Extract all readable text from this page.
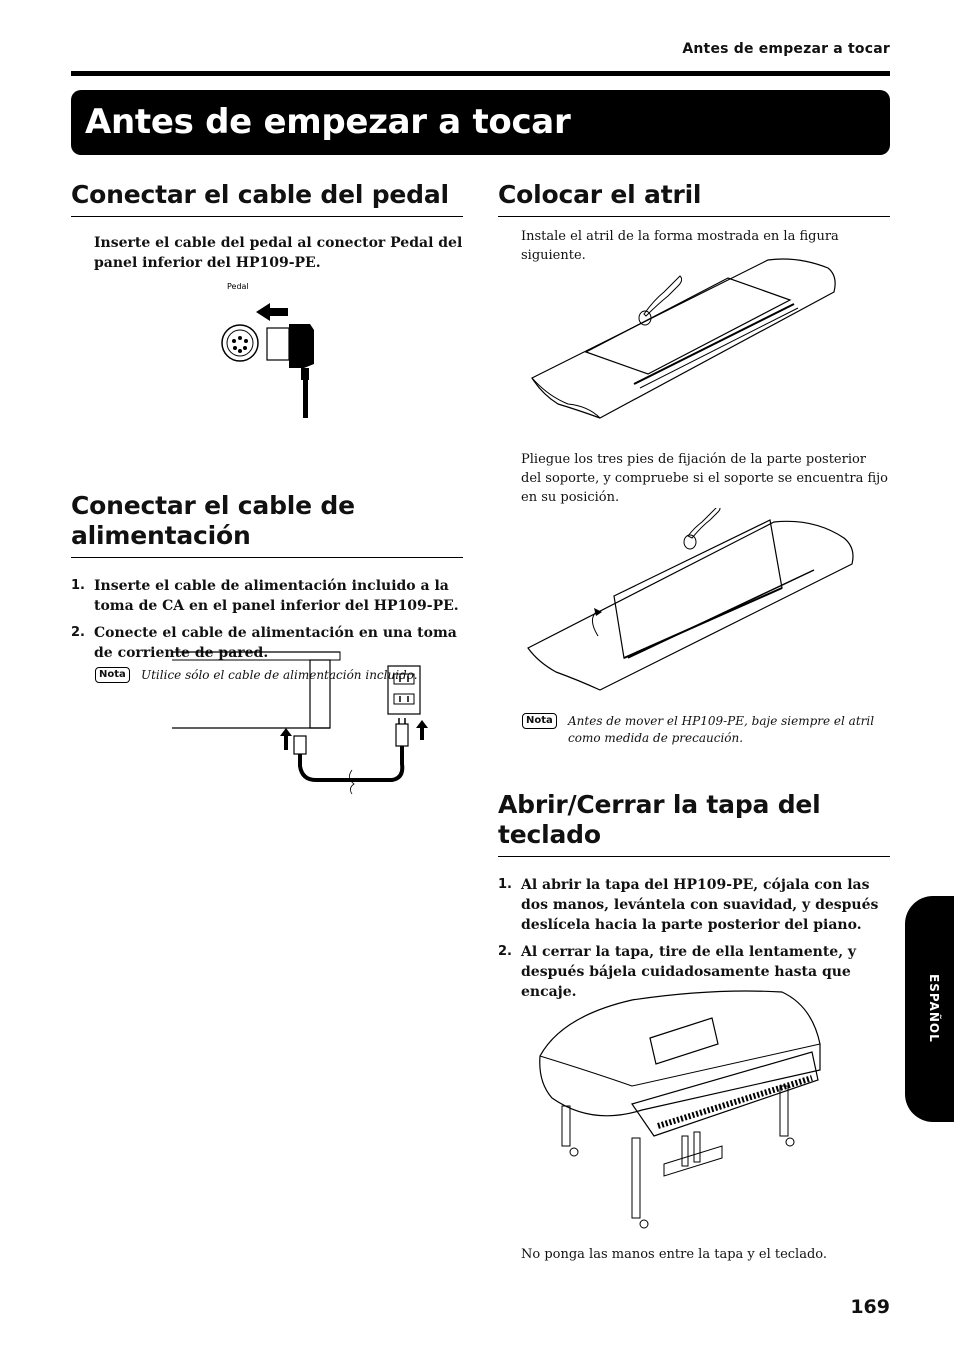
Antes de empezar a tocar
Antes de empezar a tocar
Conectar el cable del pedal

Inserte el cable del pedal al conector Pedal del panel inferior del HP109-PE.

Conectar el cable de alimentación

1. Inserte el cable de alimentación incluido a la toma de CA en el panel inferior del HP109-PE.

2. Conecte el cable de alimentación en una toma de corriente de pared.

Nota	Utilice sólo el cable de alimentación incluido.
Pedal
Colocar el atril

Instale el atril de la forma mostrada en la figura siguiente.

Pliegue los tres pies de fijación de la parte posterior del soporte, y compruebe si el soporte se encuentra fijo en su posición.

Nota	Antes de mover el HP109-PE, baje siempre el atril como medida de precaución.
Abrir/Cerrar la tapa del teclado

1. Al abrir la tapa del HP109-PE, cójala con las dos manos, levántela con suavidad, y después deslícela hacia la parte posterior del piano.

2. Al cerrar la tapa, tire de ella lentamente, y después bájela cuidadosamente hasta que encaje.

No ponga las manos entre la tapa y el teclado.

ESPAÑOL
169
